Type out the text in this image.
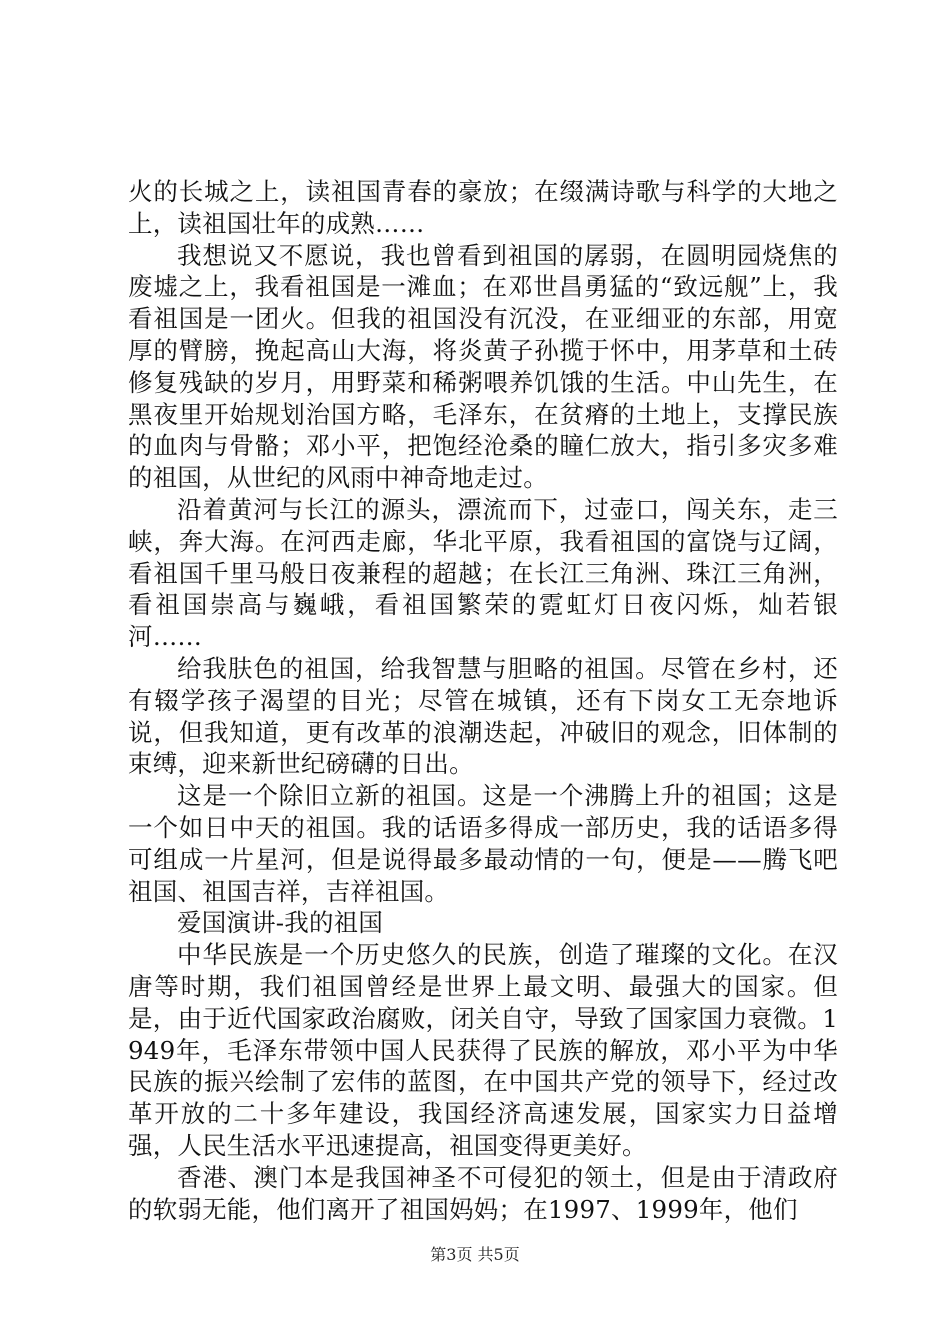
火的长城之上，读祖国青春的豪放；在缀满诗歌与科学的大地之上，读祖国壮年的成熟……

我想说又不愿说，我也曾看到祖国的孱弱，在圆明园烧焦的废墟之上，我看祖国是一滩血；在邓世昌勇猛的“致远舰”上，我看祖国是一团火。但我的祖国没有沉没，在亚细亚的东部，用宽厚的臂膀，挽起高山大海，将炎黄子孙揽于怀中，用茅草和土砖修复残缺的岁月，用野菜和稀粥喂养饥饿的生活。中山先生，在黑夜里开始规划治国方略，毛泽东，在贫瘠的土地上，支撑民族的血肉与骨骼；邓小平，把饱经沧桑的瞳仁放大，指引多灾多难的祖国，从世纪的风雨中神奇地走过。

沿着黄河与长江的源头，漂流而下，过壶口，闯关东，走三峡，奔大海。在河西走廊，华北平原，我看祖国的富饶与辽阔，看祖国千里马般日夜兼程的超越；在长江三角洲、珠江三角洲，看祖国崇高与巍峨，看祖国繁荣的霓虹灯日夜闪烁，灿若银河……

给我肤色的祖国，给我智慧与胆略的祖国。尽管在乡村，还有辍学孩子渴望的目光；尽管在城镇，还有下岗女工无奈地诉说，但我知道，更有改革的浪潮迭起，冲破旧的观念，旧体制的束缚，迎来新世纪磅礴的日出。

这是一个除旧立新的祖国。这是一个沸腾上升的祖国；这是一个如日中天的祖国。我的话语多得成一部历史，我的话语多得可组成一片星河，但是说得最多最动情的一句，便是——腾飞吧祖国、祖国吉祥，吉祥祖国。

爱国演讲-我的祖国

中华民族是一个历史悠久的民族，创造了璀璨的文化。在汉唐等时期，我们祖国曾经是世界上最文明、最强大的国家。但是，由于近代国家政治腐败，闭关自守，导致了国家国力衰微。1949年，毛泽东带领中国人民获得了民族的解放，邓小平为中华民族的振兴绘制了宏伟的蓝图，在中国共产党的领导下，经过改革开放的二十多年建设，我国经济高速发展，国家实力日益增强，人民生活水平迅速提高，祖国变得更美好。

香港、澳门本是我国神圣不可侵犯的领土，但是由于清政府的软弱无能，他们离开了祖国妈妈；在1997、1999年，他们

第3页 共5页
